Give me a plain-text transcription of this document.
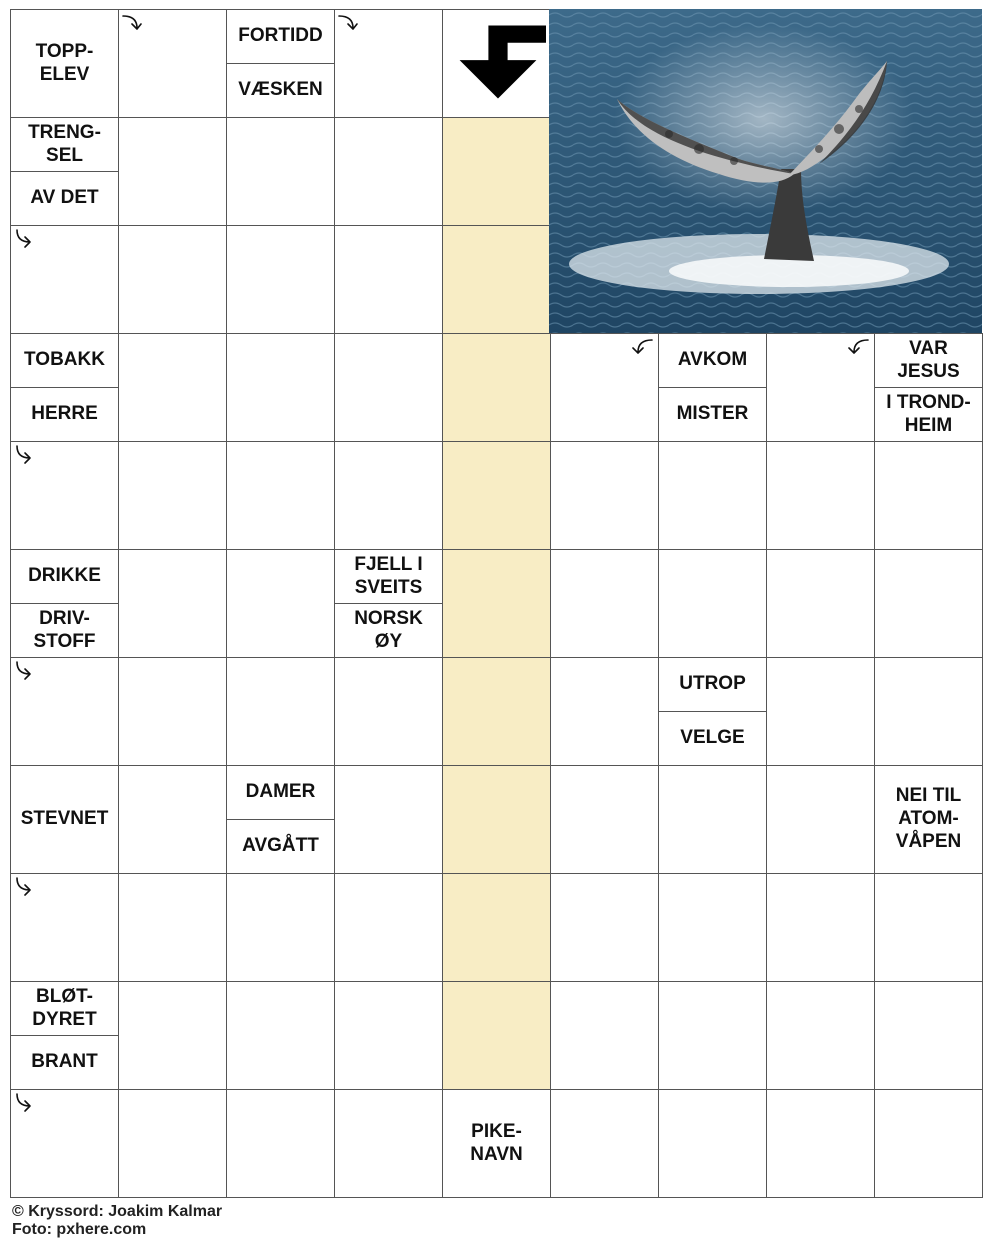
TOPP-
ELEV
FORTIDD
VÆSKEN
TRENG-
SEL
AV DET
TOBAKK
HERRE
AVKOM
MISTER
VAR
JESUS
I TROND-
HEIM
DRIKKE
DRIV-
STOFF
FJELL I
SVEITS
NORSK
ØY
UTROP
VELGE
STEVNET
DAMER
AVGÅTT
NEI TIL
ATOM-
VÅPEN
BLØT-
DYRET
BRANT
PIKE-
NAVN
© Kryssord: Joakim Kalmar
Foto: pxhere.com
